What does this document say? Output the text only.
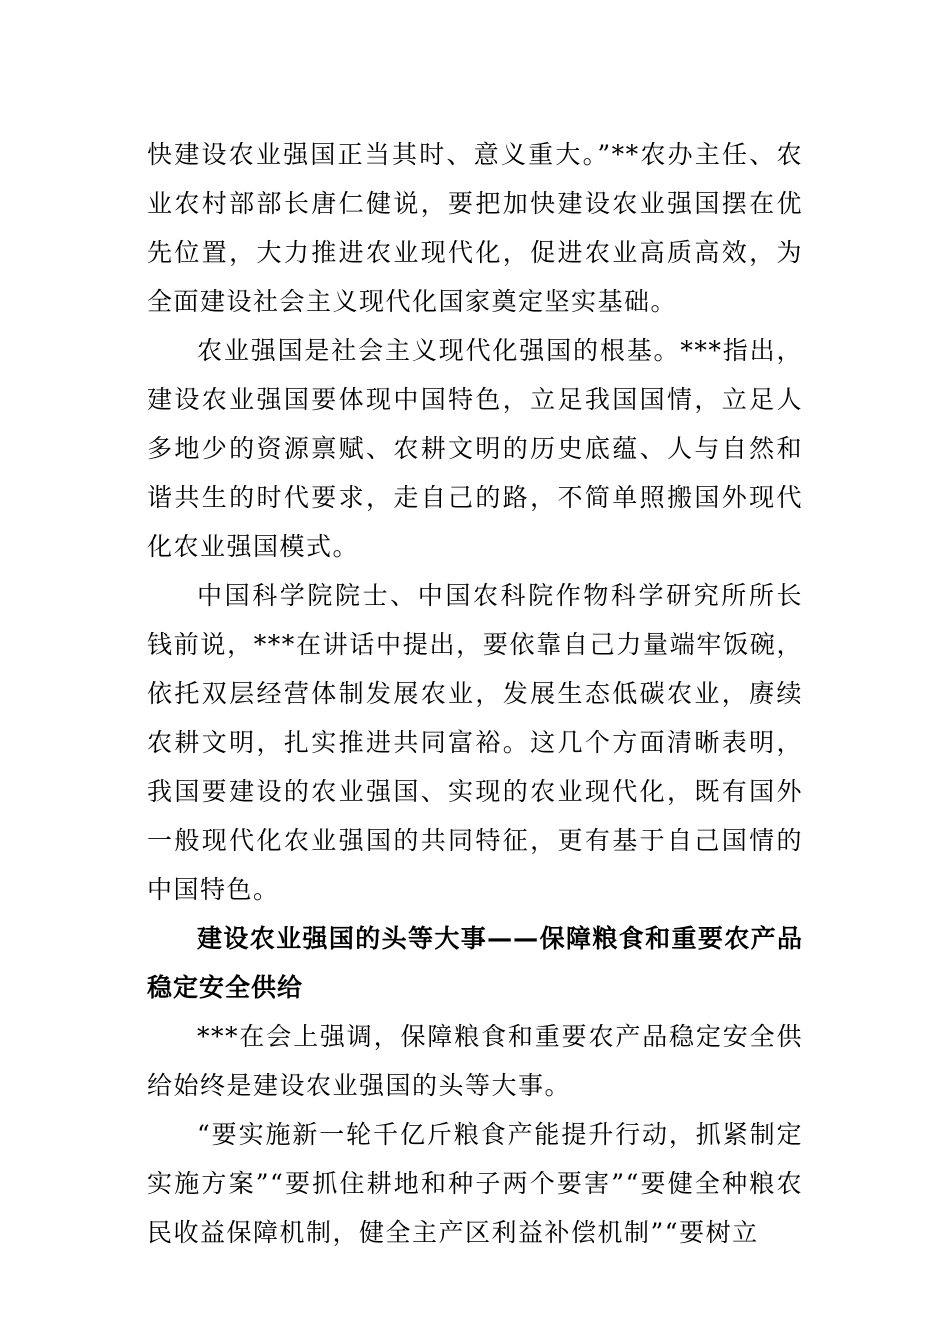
快建设农业强国正当其时、意义重大。”**农办主任、农业农村部部长唐仁健说，要把加快建设农业强国摆在优先位置，大力推进农业现代化，促进农业高质高效，为全面建设社会主义现代化国家奠定坚实基础。

农业强国是社会主义现代化强国的根基。***指出，建设农业强国要体现中国特色，立足我国国情，立足人多地少的资源禀赋、农耕文明的历史底蕴、人与自然和谐共生的时代要求，走自己的路，不简单照搬国外现代化农业强国模式。

中国科学院院士、中国农科院作物科学研究所所长钱前说，***在讲话中提出，要依靠自己力量端牢饭碗，依托双层经营体制发展农业，发展生态低碳农业，赓续农耕文明，扎实推进共同富裕。这几个方面清晰表明，我国要建设的农业强国、实现的农业现代化，既有国外一般现代化农业强国的共同特征，更有基于自己国情的中国特色。

建设农业强国的头等大事——保障粮食和重要农产品稳定安全供给

***在会上强调，保障粮食和重要农产品稳定安全供给始终是建设农业强国的头等大事。

“要实施新一轮千亿斤粮食产能提升行动，抓紧制定实施方案”“要抓住耕地和种子两个要害”“要健全种粮农民收益保障机制，健全主产区利益补偿机制”“要树立
